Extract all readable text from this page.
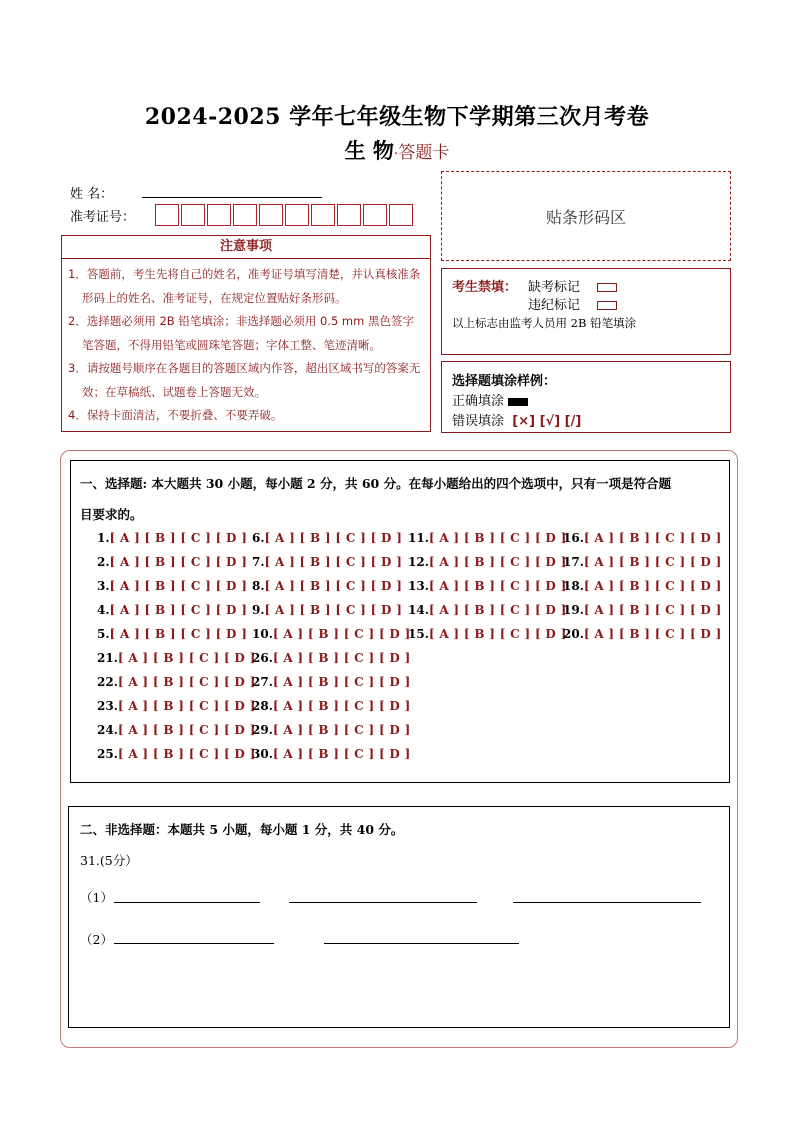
2024-2025 学年七年级生物下学期第三次月考卷
生 物·答题卡
姓 名：
准考证号：
注意事项
1．答题前，考生先将自己的姓名，准考证号填写清楚，并认真核准条形码上的姓名、准考证号，在规定位置贴好条形码。
2．选择题必须用 2B 铅笔填涂；非选择题必须用 0.5 mm 黑色签字笔答题，不得用铅笔或圆珠笔答题；字体工整、笔迹清晰。
3．请按题号顺序在各题目的答题区域内作答，超出区域书写的答案无效；在草稿纸、试题卷上答题无效。
4．保持卡面清洁，不要折叠、不要弄破。
贴条形码区
考生禁填： 缺考标记
违纪标记
以上标志由监考人员用 2B 铅笔填涂
选择题填涂样例：
正确填涂
错误填涂 [×] [√] [/]
一、选择题: 本大题共 30 小题，每小题 2 分，共 60 分。在每小题给出的四个选项中，只有一项是符合题
目要求的。
1.[ A ] [ B ] [ C ] [ D ]
2.[ A ] [ B ] [ C ] [ D ]
3.[ A ] [ B ] [ C ] [ D ]
4.[ A ] [ B ] [ C ] [ D ]
5.[ A ] [ B ] [ C ] [ D ]
6.[ A ] [ B ] [ C ] [ D ]
7.[ A ] [ B ] [ C ] [ D ]
8.[ A ] [ B ] [ C ] [ D ]
9.[ A ] [ B ] [ C ] [ D ]
10.[ A ] [ B ] [ C ] [ D ]
11.[ A ] [ B ] [ C ] [ D ]
12.[ A ] [ B ] [ C ] [ D ]
13.[ A ] [ B ] [ C ] [ D ]
14.[ A ] [ B ] [ C ] [ D ]
15.[ A ] [ B ] [ C ] [ D ]
16.[ A ] [ B ] [ C ] [ D ]
17.[ A ] [ B ] [ C ] [ D ]
18.[ A ] [ B ] [ C ] [ D ]
19.[ A ] [ B ] [ C ] [ D ]
20.[ A ] [ B ] [ C ] [ D ]
21.[ A ] [ B ] [ C ] [ D ]
22.[ A ] [ B ] [ C ] [ D ]
23.[ A ] [ B ] [ C ] [ D ]
24.[ A ] [ B ] [ C ] [ D ]
25.[ A ] [ B ] [ C ] [ D ]
26.[ A ] [ B ] [ C ] [ D ]
27.[ A ] [ B ] [ C ] [ D ]
28.[ A ] [ B ] [ C ] [ D ]
29.[ A ] [ B ] [ C ] [ D ]
30.[ A ] [ B ] [ C ] [ D ]
二、非选择题：本题共 5 小题，每小题 1 分，共 40 分。
31.(5分）
（1）
（2）
